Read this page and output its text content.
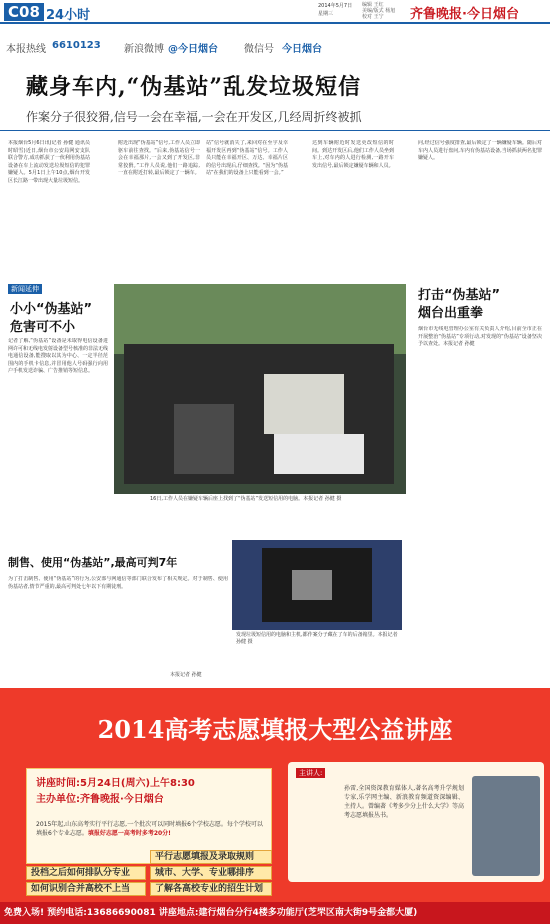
C08 24小时
2014年5月7日
星期三
编辑 王红
美编/版式 杨旭
校对 王宁	齐鲁晚报·今日烟台
本报热线 6610123 新浪微博 @今日烟台	微信号 今日烟台
藏身车内,“伪基站”乱发垃圾短信
作案分子很狡猾,信号一会在幸福,一会在开发区,几经周折终被抓
本报烟台5月6日讯(记者 孙健 通讯员 时昭雪)近日,烟台市公安局网安支队联合警方,成功抓获了一伙利用伪基站设备在车上流动发送垃圾短信的犯罪嫌疑人。5月1日上午10点,烟台开发区长江路一带出现大量垃圾短信。
附近出现“伪基站”信号,工作人员立即驱车前往查找。“后来,伪基站信号一会在幸福那片,一会又到了开发区,非常狡猾。”工作人员说,他们一路追踪,一直在附近打转,最后锁定了一辆车。
站”信号就消失了,来回对在至宇及幸福开发区再到“伪基站”信号。工作人员只能在幸福开区、万达、幸福片区的信号出现后,仔细查找。“因为“伪基站”在我们的设备上只能看到一会。”
达到车辆附近时发送更改短信的时间。到达开发区后,他们工作人员坐到车上,对车内的人进行检测,一路开车发出信号,最后锁定嫌疑车辆和人员。
问,经过信号强度排查,最后锁定了一辆嫌疑车辆。随后对车内人员进行盘问,车内有伪基站设备,当场抓获两名犯罪嫌疑人。
新闻延伸
小小“伪基站”
危害可不小
记者了解,“伪基站”设备是未取得电信设备进网许可和无线电发射设备型号核准的非法无线电通信设备,能搜取以其为中心、一定半径范围内的手机卡信息,并冒用他人号码强行向用户手机发送诈骗、广告推销等短信息。
16日,工作人员在嫌疑车辆后座上找到了“伪基站”发送短信用的电脑。本报记者 孙健 摄
制售、使用“伪基站”,最高可判7年
为了打击制售、使用“伪基站”的行为,公安部与网通信等部门联合发布了相关规定。对于制售、使用伪基站者,情节严重的,最高可判处七年以下有期徒刑。
本报记者 孙健
发现垃圾短信用的电脑和主机,都作案分子藏在了车的后备箱里。本报记者 孙健 摄
打击“伪基站”
烟台出重拳
烟台市无线电管理办公室有关负责人介绍,目前全市正在开展整治“伪基站”专项行动,对发现的“伪基站”设备坚决予以查处。本报记者 孙健
2014高考志愿填报大型公益讲座
讲座时间:5月24日(周六)上午8:30
主办单位:齐鲁晚报·今日烟台
2015年起,山东高考实行平行志愿,一个批次可以同时填报6个学校志愿。每个学校可以填报6个专业志愿。填报好志愿一高考时多考20分!
投档之后如何排队分专业
平行志愿填报及录取规则
城市、大学、专业哪排序
如何识别合并高校不上当	了解各高校专业的招生计划
主讲人:
孙雷,全国资深教育媒体人,著名高考升学规划专家,乐学网主编、新浪教育频道资深编辑、主持人。曾编著《考多少分上什么大学》等高考志愿填报丛书。
免费入场! 预约电话:13686690081 讲座地点:建行烟台分行4楼多功能厅(芝罘区南大街9号金都大厦)
